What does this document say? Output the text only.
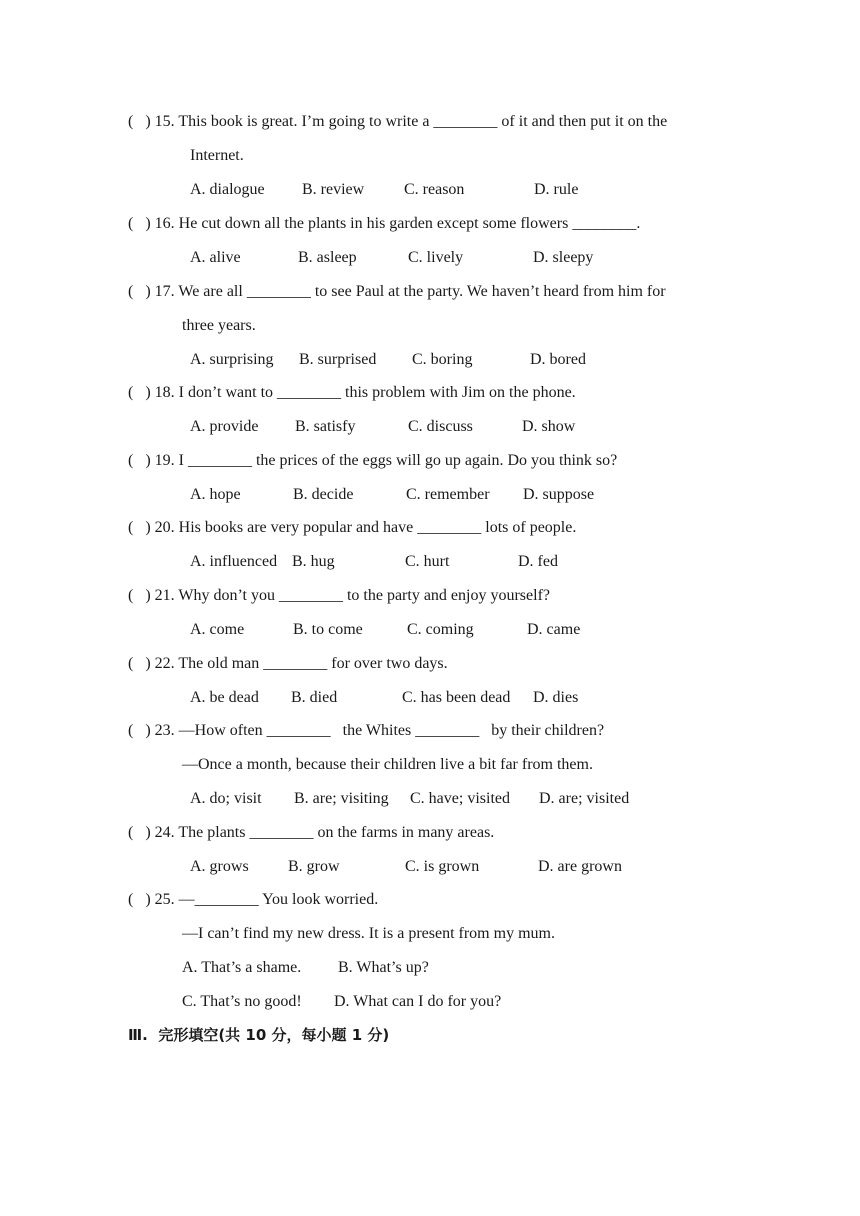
(   ) 15. This book is great. I’m going to write a ________ of it and then put it on the
Internet.
A. dialogue B. review C. reason	D. rule
(   ) 16. He cut down all the plants in his garden except some flowers ________.
A. alive	B. asleep	C. lively	D. sleepy
(   ) 17. We are all ________ to see Paul at the party. We haven’t heard from him for
three years.
A. surprising B. surprised C. boring	D. bored
(   ) 18. I don’t want to ________ this problem with Jim on the phone.
A. provide B. satisfy	C. discuss	D. show
(   ) 19. I ________ the prices of the eggs will go up again. Do you think so?
A. hope	B. decide	C. remember D. suppose
(   ) 20. His books are very popular and have ________ lots of people.
A. influenced B. hug	C. hurt	D. fed
(   ) 21. Why don’t you ________ to the party and enjoy yourself?
A. come	B. to come	C. coming	D. came
(   ) 22. The old man ________ for over two days.
A. be dead B. died	C. has been dead D. dies
(   ) 23. —How often ________   the Whites ________   by their children?
—Once a month, because their children live a bit far from them.
A. do; visit B. are; visiting C. have; visited D. are; visited
(   ) 24. The plants ________ on the farms in many areas.
A. grows B. grow	C. is grown	D. are grown
(   ) 25. —________ You look worried.
—I can’t find my new dress. It is a present from my mum.
A. That’s a shame. B. What’s up?
C. That’s no good! D. What can I do for you?
Ⅲ.  完形填空(共 10 分，每小题 1 分)
